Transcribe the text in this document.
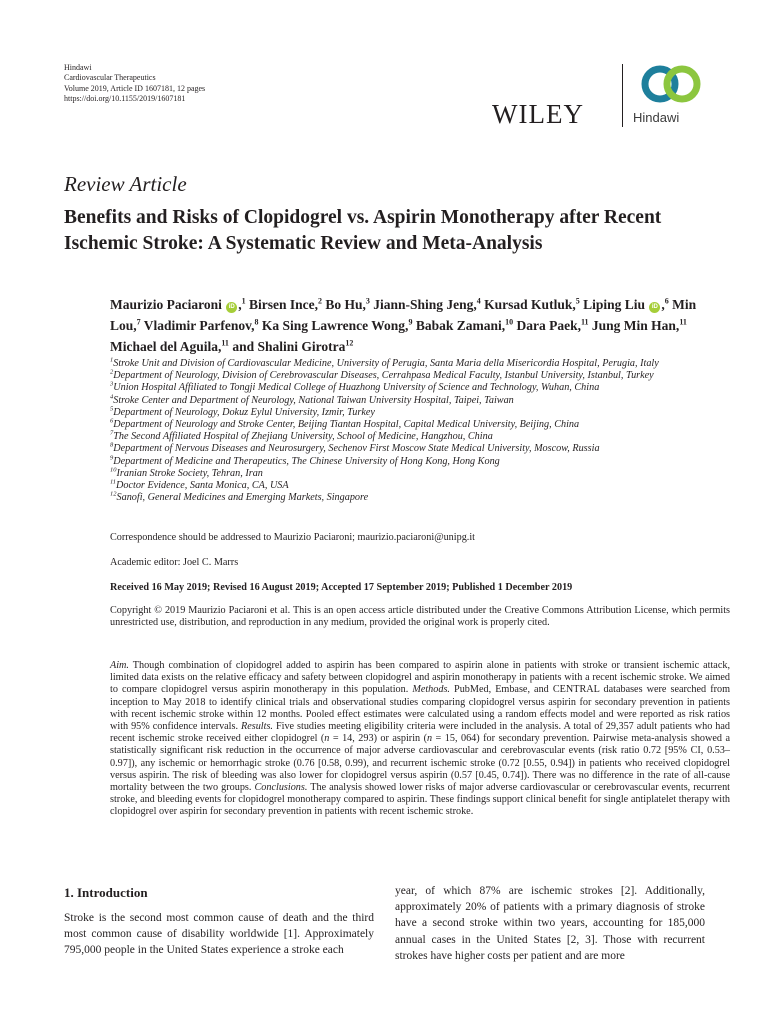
Hindawi
Cardiovascular Therapeutics
Volume 2019, Article ID 1607181, 12 pages
https://doi.org/10.1155/2019/1607181
WILEY	Hindawi
Review Article
Benefits and Risks of Clopidogrel vs. Aspirin Monotherapy after Recent Ischemic Stroke: A Systematic Review and Meta-Analysis
Maurizio Paciaroni iD ,$^1$ Birsen Ince,$^2$ Bo Hu,$^3$ Jiann-Shing Jeng,$^4$ Kursad Kutluk,$^5$ Liping Liu iD ,$^6$ Min Lou,$^7$ Vladimir Parfenov,$^8$ Ka Sing Lawrence Wong,$^9$ Babak Zamani,$^{10}$ Dara Paek,$^{11}$ Jung Min Han,$^{11}$ Michael del Aguila,$^{11}$ and Shalini Girotra$^{12}$
$^1$Stroke Unit and Division of Cardiovascular Medicine, University of Perugia, Santa Maria della Misericordia Hospital, Perugia, Italy
$^2$Department of Neurology, Division of Cerebrovascular Diseases, Cerrahpasa Medical Faculty, Istanbul University, Istanbul, Turkey
$^3$Union Hospital Affiliated to Tongji Medical College of Huazhong University of Science and Technology, Wuhan, China
$^4$Stroke Center and Department of Neurology, National Taiwan University Hospital, Taipei, Taiwan
$^5$Department of Neurology, Dokuz Eylul University, Izmir, Turkey
$^6$Department of Neurology and Stroke Center, Beijing Tiantan Hospital, Capital Medical University, Beijing, China
$^7$The Second Affiliated Hospital of Zhejiang University, School of Medicine, Hangzhou, China
$^8$Department of Nervous Diseases and Neurosurgery, Sechenov First Moscow State Medical University, Moscow, Russia
$^9$Department of Medicine and Therapeutics, The Chinese University of Hong Kong, Hong Kong
$^{10}$Iranian Stroke Society, Tehran, Iran
$^{11}$Doctor Evidence, Santa Monica, CA, USA
$^{12}$Sanofi, General Medicines and Emerging Markets, Singapore
Correspondence should be addressed to Maurizio Paciaroni; maurizio.paciaroni@unipg.it
Academic editor: Joel C. Marrs
Received 16 May 2019; Revised 16 August 2019; Accepted 17 September 2019; Published 1 December 2019
Copyright © 2019 Maurizio Paciaroni et al. This is an open access article distributed under the Creative Commons Attribution License, which permits unrestricted use, distribution, and reproduction in any medium, provided the original work is properly cited.
Aim. Though combination of clopidogrel added to aspirin has been compared to aspirin alone in patients with stroke or transient ischemic attack, limited data exists on the relative efficacy and safety between clopidogrel and aspirin monotherapy in patients with a recent ischemic stroke. We aimed to compare clopidogrel versus aspirin monotherapy in this population. Methods. PubMed, Embase, and CENTRAL databases were searched from inception to May 2018 to identify clinical trials and observational studies comparing clopidogrel versus aspirin for secondary prevention in patients with recent ischemic stroke within 12 months. Pooled effect estimates were calculated using a random effects model and were reported as risk ratios with 95% confidence intervals. Results. Five studies meeting eligibility criteria were included in the analysis. A total of 29,357 adult patients who had recent ischemic stroke received either clopidogrel (n = 14, 293) or aspirin (n = 15, 064) for secondary prevention. Pairwise meta-analysis showed a statistically significant risk reduction in the occurrence of major adverse cardiovascular and cerebrovascular events (risk ratio 0.72 [95% CI, 0.53–0.97]), any ischemic or hemorrhagic stroke (0.76 [0.58, 0.99), and recurrent ischemic stroke (0.72 [0.55, 0.94]) in patients who received clopidogrel versus aspirin. The risk of bleeding was also lower for clopidogrel versus aspirin (0.57 [0.45, 0.74]). There was no difference in the rate of all-cause mortality between the two groups. Conclusions. The analysis showed lower risks of major adverse cardiovascular or cerebrovascular events, recurrent stroke, and bleeding events for clopidogrel monotherapy compared to aspirin. These findings support clinical benefit for single antiplatelet therapy with clopidogrel over aspirin for secondary prevention in patients with recent ischemic stroke.
1. Introduction
Stroke is the second most common cause of death and the third most common cause of disability worldwide [1]. Approximately 795,000 people in the United States experience a stroke each
year, of which 87% are ischemic strokes [2]. Additionally, approximately 20% of patients with a primary diagnosis of stroke have a second stroke within two years, accounting for 185,000 annual cases in the United States [2, 3]. Those with recurrent strokes have higher costs per patient and are more
